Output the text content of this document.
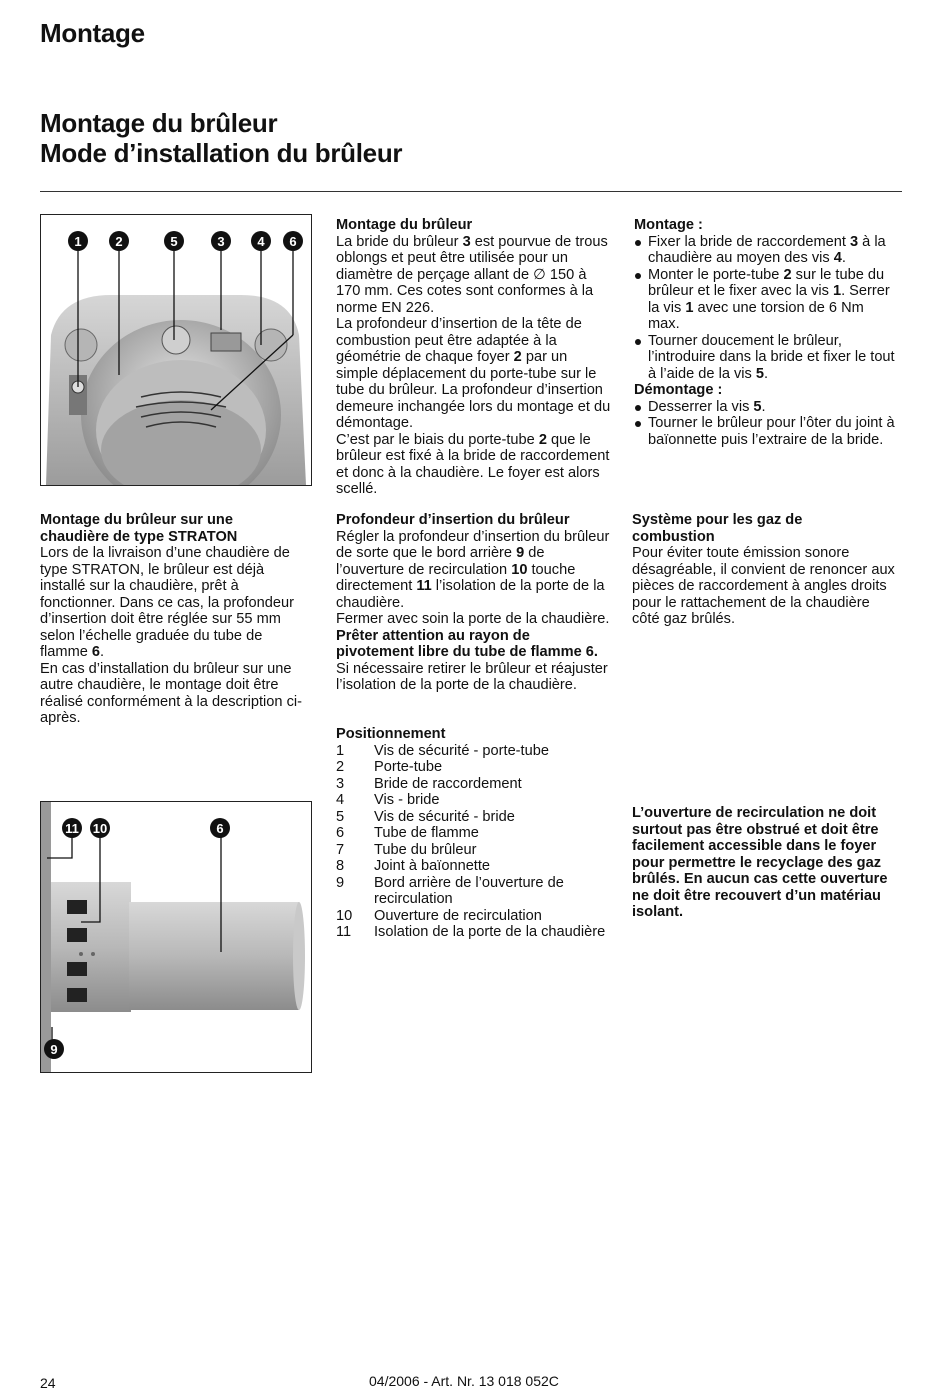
Montage
Montage du brûleur
Mode d’installation du brûleur
1	2	5	3	4	6

Montage du brûleur

La bride du brûleur 3 est pourvue de trous oblongs et peut être utilisée pour un diamètre de perçage allant de ∅ 150 à 170 mm. Ces cotes sont conformes à la norme EN 226.

La profondeur d’insertion de la tête de combustion peut être adaptée à la géométrie de chaque foyer 2 par un simple déplacement du porte-tube sur le tube du brûleur. La profondeur d’insertion demeure inchangée lors du montage et du démontage.

C’est par le biais du porte-tube 2 que le brûleur est fixé à la bride de raccordement et donc à la chaudière. Le foyer est alors scellé.

Montage :

Fixer la bride de raccordement 3 à la chaudière au moyen des vis 4.

Monter le porte-tube 2 sur le tube du brûleur et le fixer avec la vis 1. Serrer la vis 1 avec une torsion de 6 Nm max.

Tourner doucement le brûleur, l’introduire dans la bride et fixer le tout à l’aide de la vis 5.

Démontage :

Desserrer la vis 5.

Tourner le brûleur pour l’ôter du joint à baïonnette puis l’extraire de la bride.

Montage du brûleur sur une
chaudière de type STRATON

Lors de la livraison d’une chaudière de type STRATON, le brûleur est déjà installé sur la chaudière, prêt à fonctionner. Dans ce cas, la profondeur d’insertion doit être réglée sur 55 mm selon l’échelle graduée du tube de flamme 6.

En cas d’installation du brûleur sur une autre chaudière, le montage doit être réalisé conformément à la description ci-après.

Profondeur d’insertion du brûleur

Régler la profondeur d’insertion du brûleur de sorte que le bord arrière 9 de l’ouverture de recirculation 10 touche directement 11 l’isolation de la porte de la chaudière.

Fermer avec soin la porte de la chaudière. Prêter attention au rayon de pivotement libre du tube de flamme 6. Si nécessaire retirer le brûleur et réajuster l’isolation de la porte de la chaudière.

Système pour les gaz de
combustion

Pour éviter toute émission sonore désagréable, il convient de renoncer aux pièces de raccordement à angles droits pour le rattachement de la chaudière côté gaz brûlés.

Positionnement

1	Vis de sécurité - porte-tube
2	Porte-tube
3	Bride de raccordement
4	Vis - bride
5	Vis de sécurité - bride
6	Tube de flamme
7	Tube du brûleur
8	Joint à baïonnette
9	Bord arrière de l’ouverture de recirculation
10	Ouverture de recirculation
11	Isolation de la porte de la chaudière

L’ouverture de recirculation ne doit surtout pas être obstrué et doit être facilement accessible dans le foyer pour permettre le recyclage des gaz brûlés. En aucun cas cette ouverture ne doit être recouvert d’un matériau isolant.

11 10	6
9
24	04/2006 - Art. Nr. 13 018 052C
